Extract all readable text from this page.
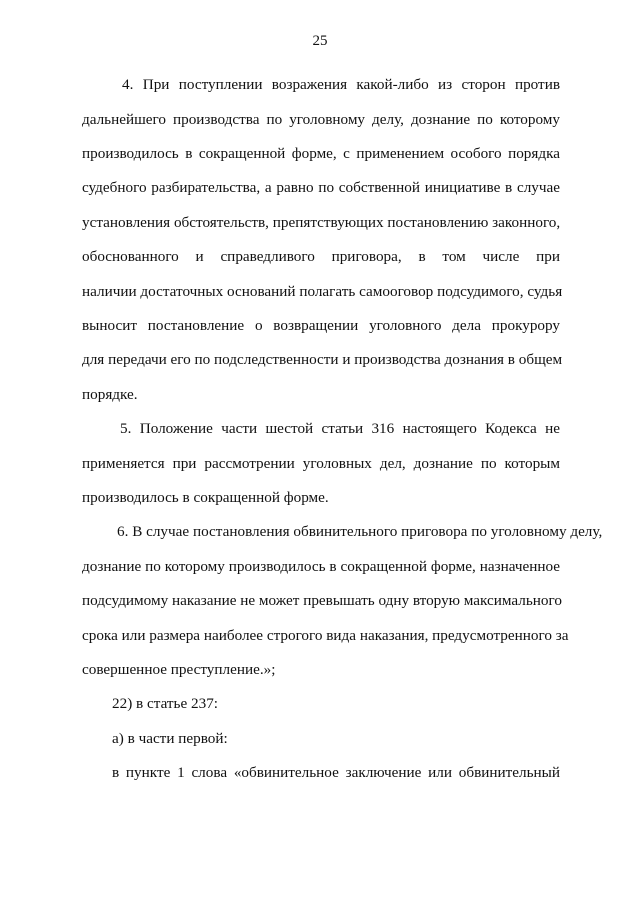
25
4. При поступлении возражения какой-либо из сторон против
дальнейшего производства по уголовному делу, дознание по которому
производилось в сокращенной форме, с применением особого порядка
судебного разбирательства, а равно по собственной инициативе в случае
установления обстоятельств, препятствующих постановлению законного,
обоснованного и справедливого приговора, в том числе при
наличии достаточных оснований полагать самооговор подсудимого, судья
выносит постановление о возвращении уголовного дела прокурору
для передачи его по подследственности и производства дознания в общем
порядке.
5. Положение части шестой статьи 316 настоящего Кодекса не
применяется при рассмотрении уголовных дел, дознание по которым
производилось в сокращенной форме.
6. В случае постановления обвинительного приговора по уголовному делу,
дознание по которому производилось в сокращенной форме, назначенное
подсудимому наказание не может превышать одну вторую максимального
срока или размера наиболее строгого вида наказания, предусмотренного за
совершенное преступление.»;
22) в статье 237:
а) в части первой:
в пункте 1 слова «обвинительное заключение или обвинительный
